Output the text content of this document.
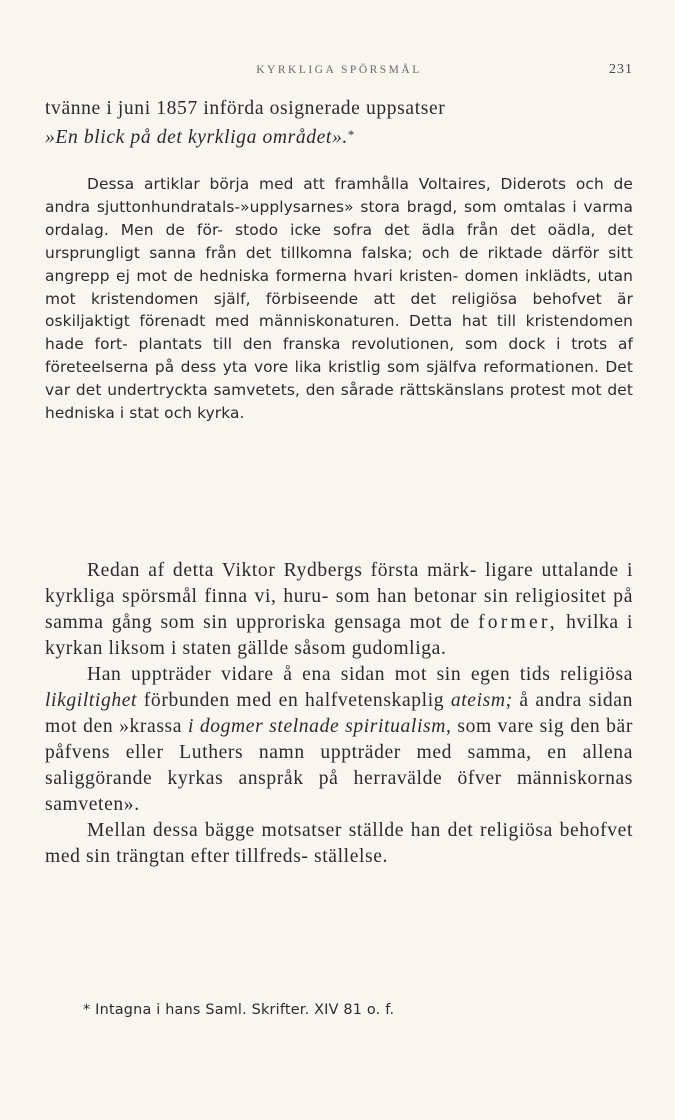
KYRKLIGA SPÖRSMÅL	231

tvänne i juni 1857 införda osignerade uppsatser
»En blick på det kyrkliga området».*

Dessa artiklar börja med att framhålla Voltaires, Diderots och de andra sjuttonhundratals-»upplysarnes» stora bragd, som omtalas i varma ordalag. Men de för- stodo icke sofra det ädla från det oädla, det ursprungligt sanna från det tillkomna falska; och de riktade därför sitt angrepp ej mot de hedniska formerna hvari kristen- domen inklädts, utan mot kristendomen själf, förbiseende att det religiösa behofvet är oskiljaktigt förenadt med människonaturen. Detta hat till kristendomen hade fort- plantats till den franska revolutionen, som dock i trots af företeelserna på dess yta vore lika kristlig som själfva reformationen. Det var det undertryckta samvetets, den sårade rättskänslans protest mot det hedniska i stat och kyrka.

Redan af detta Viktor Rydbergs första märk- ligare uttalande i kyrkliga spörsmål finna vi, huru- som han betonar sin religiositet på samma gång som sin upproriska gensaga mot de former, hvilka i kyrkan liksom i staten gällde såsom gudomliga.

Han uppträder vidare å ena sidan mot sin egen tids religiösa likgiltighet förbunden med en halfvetenskaplig ateism; å andra sidan mot den »krassa i dogmer stelnade spiritualism, som vare sig den bär påfvens eller Luthers namn uppträder med samma, en allena saliggörande kyrkas anspråk på herravälde öfver människornas samveten».

Mellan dessa bägge motsatser ställde han det religiösa behofvet med sin trängtan efter tillfreds- ställelse.

* Intagna i hans Saml. Skrifter. XIV 81 o. f.
